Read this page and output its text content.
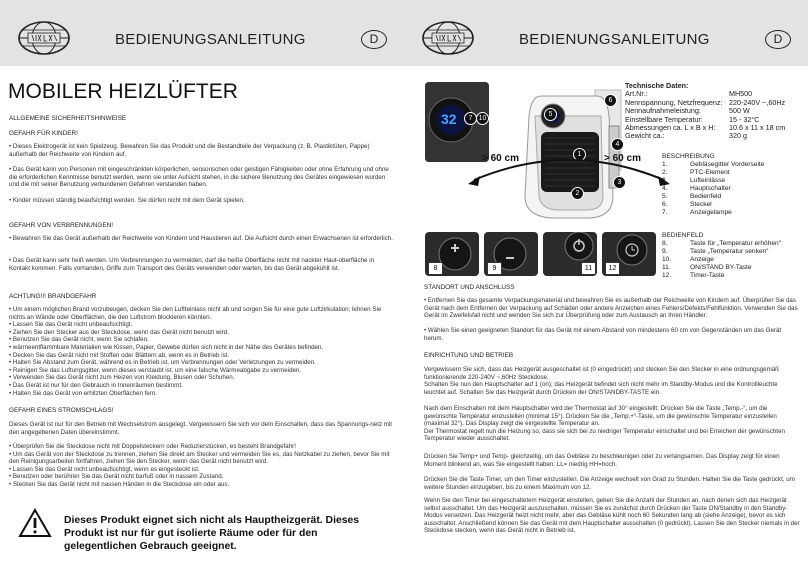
BEDIENUNGSANLEITUNG	D
MOBILER HEIZLÜFTER

ALLGEMEINE SICHERHEITSHINWEISE

GEFAHR FÜR KINDER!

• Dieses Elektrogerät ist kein Spielzeug. Bewahren Sie das Produkt und die Bestandteile der Verpackung (z. B. Plastiktüten, Pappe) außerhalb der Reichweite von Kindern auf.

• Das Gerät kann von Personen mit eingeschränkten körperlichen, sensorischen oder geistigen Fähigkeiten oder ohne Erfahrung und ohne die erforderlichen Kenntnisse benutzt werden, wenn sie unter Aufsicht stehen, in die sichere Benutzung des Gerätes eingewiesen wurden und die mit seiner Benutzung verbundenen Gefahren verstanden haben.

• Kinder müssen ständig beaufsichtigt werden. Sie dürfen nicht mit dem Gerät spielen.

GEFAHR VON VERBRENNUNGEN!

• Bewahren Sie das Gerät außerhalb der Reichweite von Kindern und Haustieren auf. Die Aufsicht durch einen Erwachsenen ist erforderlich.

• Das Gerät kann sehr heiß werden. Um Verbrennungen zu vermeiden, darf die heiße Oberfläche nicht mit nackter Haut-oberfläche in Kontakt kommen. Falls vorhanden, Griffe zum Transport des Geräts verwenden oder warten, bis das Gerät abgekühlt ist.

ACHTUNG!!! BRANDGEFAHR

• Um einem möglichen Brand vorzubeugen, decken Sie den Luftteinlass nicht ab und sorgen Sie für eine gute Luftzirkulation; lehnen Sie nichts an Wände oder Oberflächen, die den Luftstrom blockieren könnten.
• Lassen Sie das Gerät nicht unbeaufsichtigt.
• Ziehen Sie den Stecker aus der Steckdose, wenn das Gerät nicht benutzt wird.
• Benutzen Sie das Gerät nicht, wenn Sie schlafen.
• wärmeentflammbare Materialien wie Kissen, Papier, Gewebe dürfen sich nicht in der Nähe des Gerätes befinden.
• Decken Sie das Gerät nicht mit Stoffen oder Blättern ab, wenn es in Betrieb ist.
• Halten Sie Abstand zum Gerät, während es in Betrieb ist, um Verbrennungen oder Verletzungen zu vermeiden.
• Reinigen Sie das Luftungsgitter, wenn dieses verstaubt ist, um eine falsche Wärmeabgabe zu vermeiden.
• Verwenden Sie das Gerät nicht zum Heizen von Kleidung, Blusen oder Schuhen.
• Das Gerät ist nur für den Gebrauch in Innenräumen bestimmt.
• Halten Sie das Gerät von erhitzten Oberflächen fern.

GEFAHR EINES STROMSCHLAGS!

Dieses Gerät ist nur für den Betrieb mit Wechselstrom ausgelegt. Vergewissern Sie sich vor dem Einschalten, dass das Spannungs-netz mit den angegebenen Daten übereinstimmt.

• Überprüfen Sie die Steckdose nicht mit Doppelsteckern oder Reduzierstücken, es besteht Brandgefahr!
• Um das Gerät von der Steckdose zu trennen, ziehen Sie direkt am Stecker und vermeiden Sie es, das Netzkabel zu ziehen, bevor Sie mit den Reinigungsarbeiten fortfahren, ziehen Sie den Stecker, wenn das Gerät nicht benutzt wird.
• Lassen Sie das Gerät nicht unbeaufsichtigt, wenn es eingesteckt ist.
• Benutzen oder berühren Sie das Gerät nicht barfuß oder in nassem Zustand.
• Stecken Sie das Gerät nicht mit nassen Händen in die Steckdose ein oder aus.

Dieses Produkt eignet sich nicht als Hauptheizgerät. Dieses Produkt ist nur für gut isolierte Räume oder für den gelegentlichen Gebrauch geeignet.

BEDIENUNGSANLEITUNG	D
32	7 10
5
1
6
4
3
2
> 60 cm	> 60 cm
Technische Daten:
Art.Nr.:	MH500
Nennspannung, Netzfrequenz: 220-240V ~,60Hz
Nennaufnahmeleistung:	500 W
Einstellbare Temperatur:	15 - 32°C
Abmessungen ca. L x B x H: 10.6 x 11 x 18 cm
Gewicht ca.:	320 g
BESCHREIBUNG
1.	Gebläsegitter Vorderseite
2.	PTC-Element
3.	Lufteinlässe
4.	Hauptschalter
5.	Bedienfeld
6.	Stecker
7.	Anzeigelampe
BEDIENFELD
8.	Taste für „Temperatur erhöhen“
9.	Taste „Temperatur senken“
10.	Anzeige
11.	ON/STAND BY-Taste
12.	Timer-Taste
8	9	11	12

STANDORT UND ANSCHLUSS

• Entfernen Sie das gesamte Verpackungsmaterial und bewahren Sie es außerhalb der Reichweite von Kindern auf. Überprüfen Sie das Gerät nach dem Entfernen der Verpackung auf Schäden oder andere Anzeichen eines Fehlers/Defekts/Fehlfunktion. Verwenden Sie das Gerät im Zweifelsfall nicht und wenden Sie sich zur Überprüfung oder zum Austausch an Ihren Händler.

• Wählen Sie einen geeigneten Standort für das Gerät mit einem Abstand von mindestens 60 cm von Gegenständen um das Gerät herum.

EINRICHTUNG UND BETRIEB

Vergewissern Sie sich, dass das Heizgerät ausgeschaltet ist (0 eingedrückt) und stecken Sie den Stecker in eine ordnungsgemäß funktionierende 220-240V ~,60Hz Steckdose.
Schalten Sie nun den Hauptschalter auf 1 (on); das Heizgerät befindet sich nicht mehr im Standby-Modus und die Kontrollleuchte leuchtet auf. Schalten Sie das Heizgerät durch Drücken der ON/STANDBY-TASTE ein.

Nach dem Einschalten mit dem Hauptschalter wird der Thermostat auf 30° eingestellt: Drücken Sie die Taste „Temp.-“, um die gewünschte Temperatur einzustellen (minimal 15°). Drücken Sie die „Temp.+“-Taste, um die gewünschte Temperatur einzustellen (maximal 32°). Das Display zeigt die eingestellte Temperatur an.
Der Thermostat regelt nun die Heizung so, dass sie sich bei zu niedriger Temperatur einschaltet und bei Erreichen der gewünschten Temperatur wieder ausschaltet.

Drücken Sie Temp+ und Temp- gleichzeitig, um das Gebläse zu beschleunigen oder zu verlangsamen. Das Display zeigt für einen Moment blinkend an, was Sie eingestellt haben: LL= niedrig HH=hoch.

Drücken Sie die Taste Timer, um den Timer einzustellen. Die Anzeige wechselt von Grad zu Stunden. Halten Sie die Taste gedrückt, um weitere Stunden einzugeben, bis zu einem Maximum von 12.

Wenn Sie den Timer bei eingeschaltetem Heizgerät einstellen, geben Sie die Anzahl der Stunden an, nach denen sich das Heizgerät selbst ausschaltet. Um das Heizgerät auszuschalten, müssen Sie es zunächst durch Drücken der Taste ON/Standby in den Standby-Modus versetzen. Das Heizgerät heizt nicht mehr, aber das Gebläse kühlt noch 60 Sekunden lang ab (siehe Anzeige), bevor es sich ausschaltet. Anschließend können Sie das Gerät mit dem Hauptschalter ausschalten (0 gedrückt). Lassen Sie den Stecker niemals in der Steckdose stecken, wenn das Gerät nicht in Betrieb ist.
